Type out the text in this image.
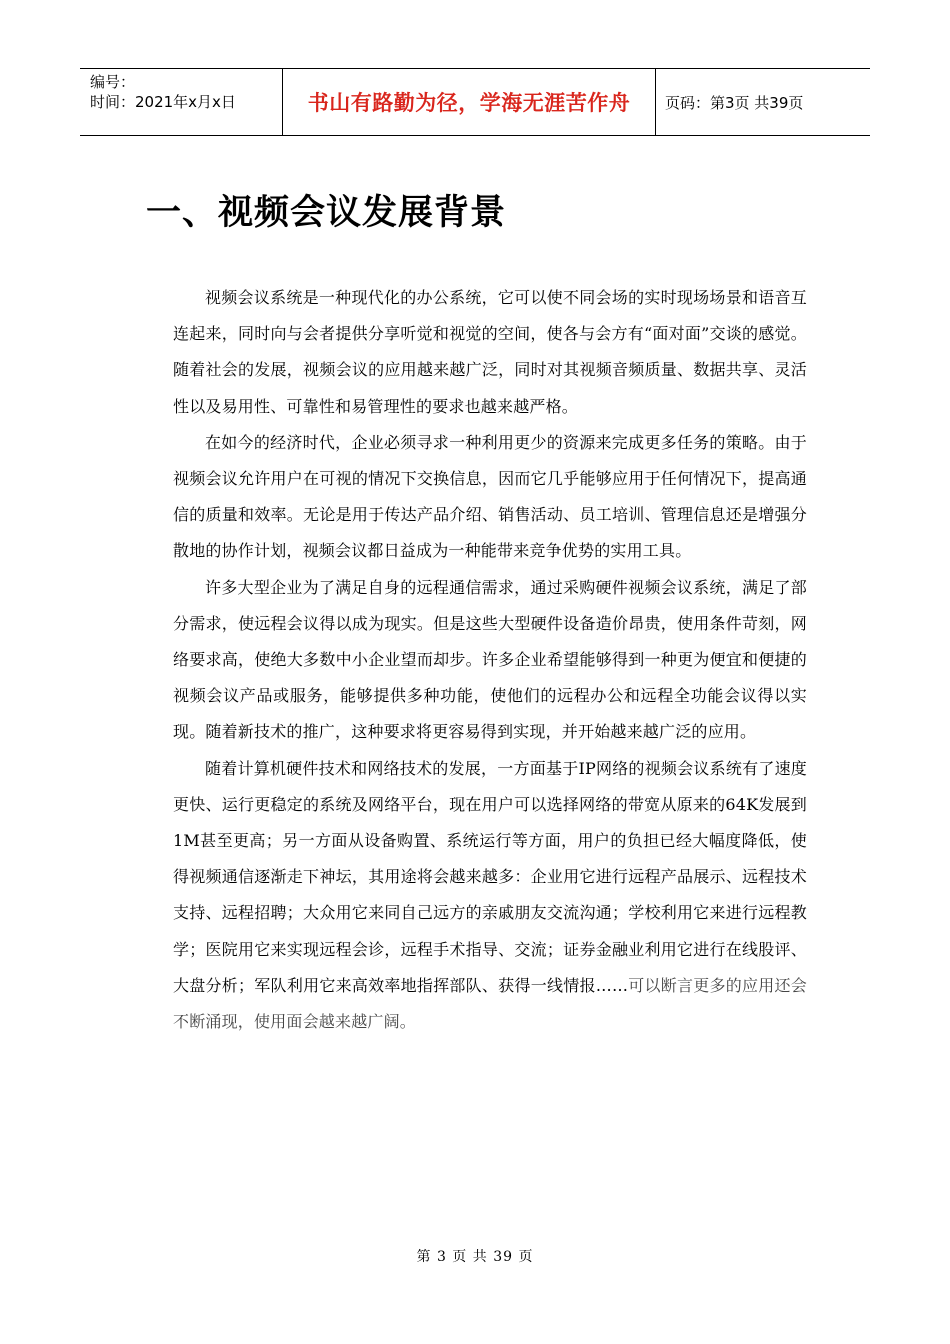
编号：
时间：2021年x月x日	书山有路勤为径，学海无涯苦作舟	页码：第3页 共39页
一、视频会议发展背景

视频会议系统是一种现代化的办公系统，它可以使不同会场的实时现场场景和语音互连起来，同时向与会者提供分享听觉和视觉的空间，使各与会方有“面对面”交谈的感觉。随着社会的发展，视频会议的应用越来越广泛，同时对其视频音频质量、数据共享、灵活性以及易用性、可靠性和易管理性的要求也越来越严格。

在如今的经济时代，企业必须寻求一种利用更少的资源来完成更多任务的策略。由于视频会议允许用户在可视的情况下交换信息，因而它几乎能够应用于任何情况下，提高通信的质量和效率。无论是用于传达产品介绍、销售活动、员工培训、管理信息还是增强分散地的协作计划，视频会议都日益成为一种能带来竞争优势的实用工具。

许多大型企业为了满足自身的远程通信需求，通过采购硬件视频会议系统，满足了部分需求，使远程会议得以成为现实。但是这些大型硬件设备造价昂贵，使用条件苛刻，网络要求高，使绝大多数中小企业望而却步。许多企业希望能够得到一种更为便宜和便捷的视频会议产品或服务，能够提供多种功能，使他们的远程办公和远程全功能会议得以实现。随着新技术的推广，这种要求将更容易得到实现，并开始越来越广泛的应用。

随着计算机硬件技术和网络技术的发展，一方面基于IP网络的视频会议系统有了速度更快、运行更稳定的系统及网络平台，现在用户可以选择网络的带宽从原来的64K发展到1M甚至更高；另一方面从设备购置、系统运行等方面，用户的负担已经大幅度降低，使得视频通信逐渐走下神坛，其用途将会越来越多：企业用它进行远程产品展示、远程技术支持、远程招聘；大众用它来同自己远方的亲戚朋友交流沟通；学校利用它来进行远程教学；医院用它来实现远程会诊，远程手术指导、交流；证券金融业利用它进行在线股评、大盘分析；军队利用它来高效率地指挥部队、获得一线情报……可以断言更多的应用还会不断涌现，使用面会越来越广阔。

第 3 页 共 39 页
